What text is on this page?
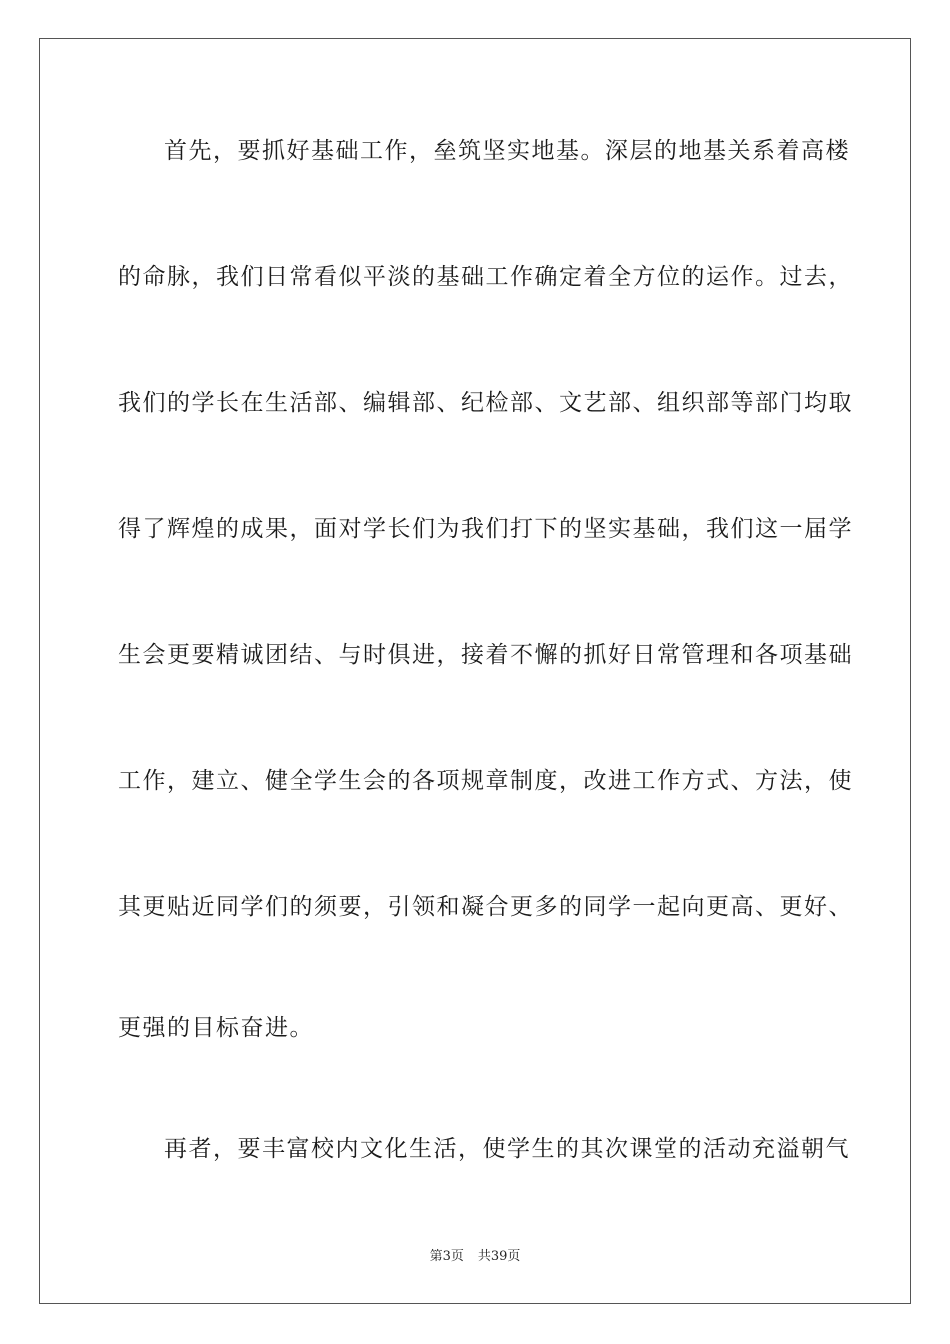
首先，要抓好基础工作，垒筑坚实地基。深层的地基关系着高楼
的命脉，我们日常看似平淡的基础工作确定着全方位的运作。过去，
我们的学长在生活部、编辑部、纪检部、文艺部、组织部等部门均取
得了辉煌的成果，面对学长们为我们打下的坚实基础，我们这一届学
生会更要精诚团结、与时俱进，接着不懈的抓好日常管理和各项基础
工作，建立、健全学生会的各项规章制度，改进工作方式、方法，使
其更贴近同学们的须要，引领和凝合更多的同学一起向更高、更好、
更强的目标奋进。
再者，要丰富校内文化生活，使学生的其次课堂的活动充溢朝气
第3页 共39页
